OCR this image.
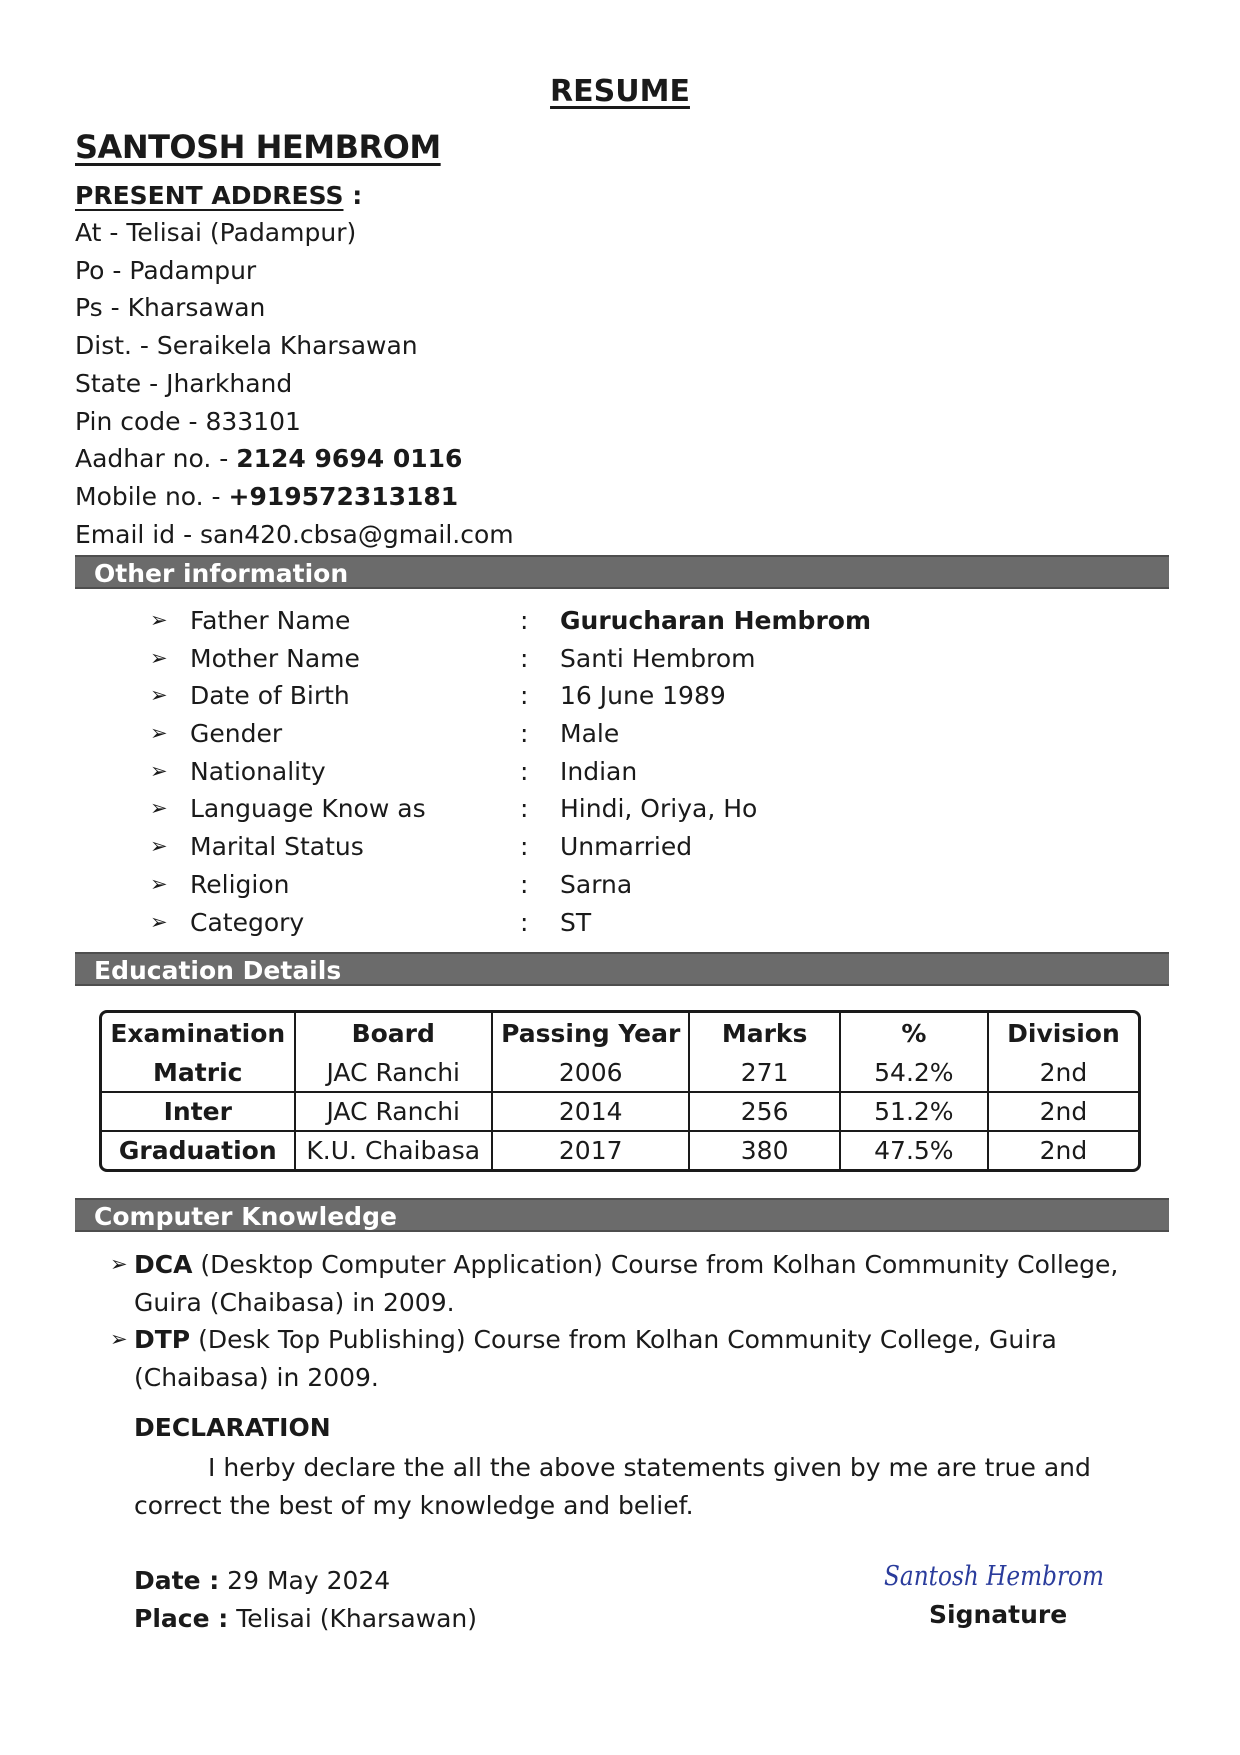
RESUME
SANTOSH HEMBROM
PRESENT ADDRESS :
At - Telisai (Padampur)
Po - Padampur
Ps - Kharsawan
Dist. - Seraikela Kharsawan
State - Jharkhand
Pin code - 833101
Aadhar no. - 2124 9694 0116
Mobile no. - +919572313181
Email id - san420.cbsa@gmail.com
Other information
➢ Father Name	: Gurucharan Hembrom
➢ Mother Name	: Santi Hembrom
➢ Date of Birth	: 16 June 1989
➢ Gender	: Male
➢ Nationality	: Indian
➢ Language Know as	: Hindi, Oriya, Ho
➢ Marital Status	: Unmarried
➢ Religion	: Sarna
➢ Category	: ST
Education Details
Examination	Board	Passing Year	Marks	%	Division
Matric	JAC Ranchi	2006	271	54.2%	2nd
Inter	JAC Ranchi	2014	256	51.2%	2nd
Graduation	K.U. Chaibasa	2017	380	47.5%	2nd
Computer Knowledge
➢ DCA (Desktop Computer Application) Course from Kolhan Community College, Guira (Chaibasa) in 2009.
➢ DTP (Desk Top Publishing) Course from Kolhan Community College, Guira (Chaibasa) in 2009.
DECLARATION
I herby declare the all the above statements given by me are true and correct the best of my knowledge and belief.
Date : 29 May 2024
Place : Telisai (Kharsawan)
Santosh Hembrom
Signature
